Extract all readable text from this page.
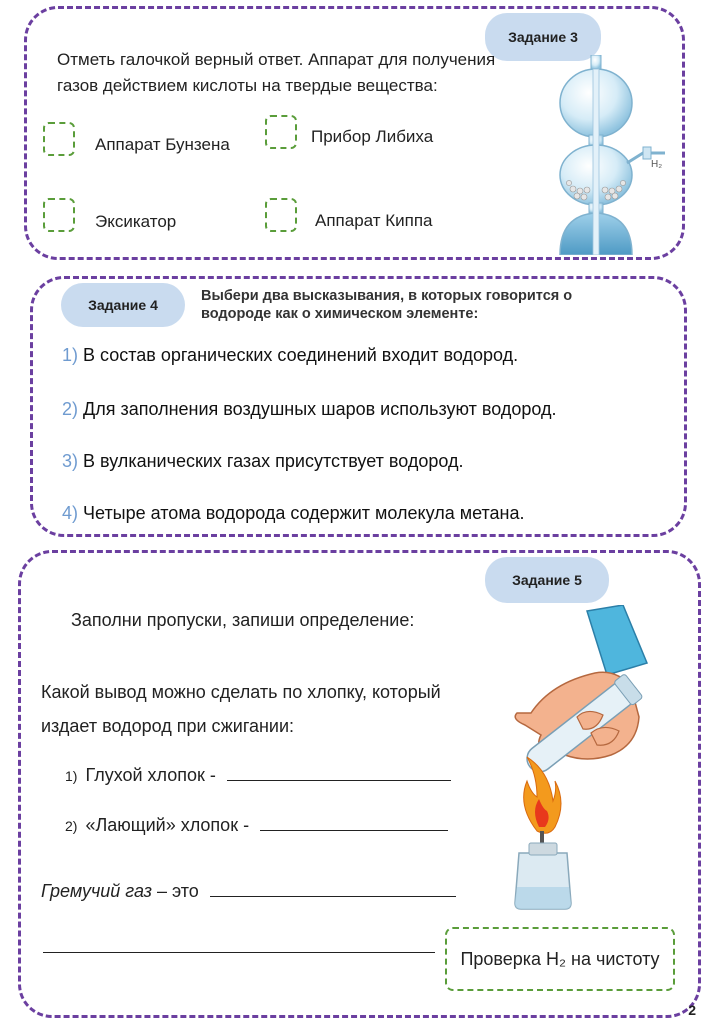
Задание 3
Отметь галочкой верный ответ. Аппарат для получения
газов действием кислоты на твердые вещества:
Аппарат Бунзена	Прибор Либиха
Эксикатор	Аппарат Киппа
H₂
Задание 4
Выбери два высказывания, в которых говорится о
водороде как о химическом элементе:
1) В состав органических соединений входит водород.
2) Для заполнения воздушных шаров используют водород.
3) В вулканических газах присутствует водород.
4) Четыре атома водорода содержит молекула метана.
Задание 5
Заполни пропуски, запиши определение:
Какой вывод можно сделать по хлопку, который
издает водород при сжигании:
1) Глухой хлопок -
2) «Лающий» хлопок -
Гремучий газ – это
Проверка H₂ на чистоту
2
